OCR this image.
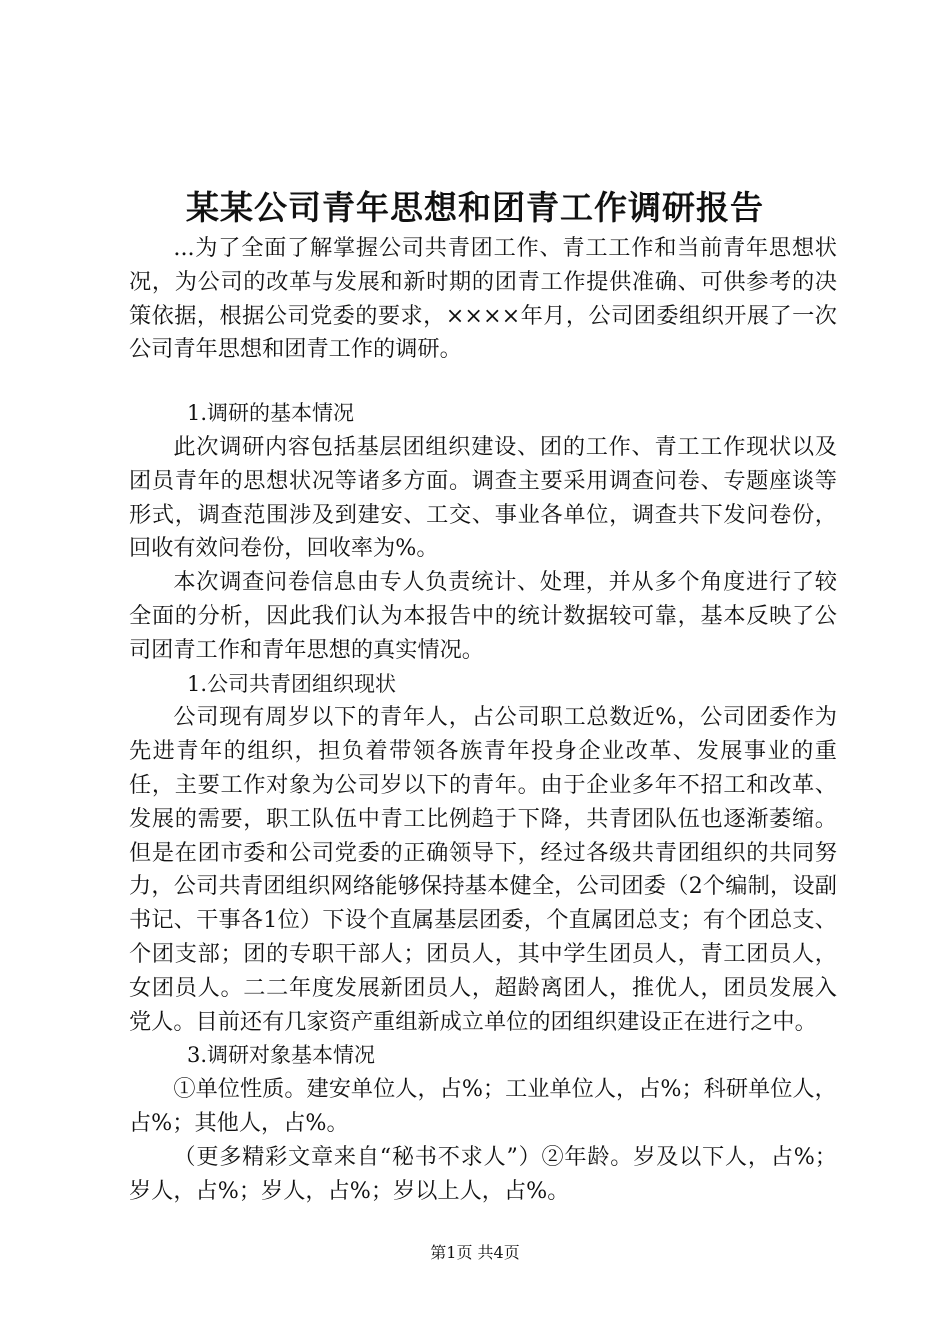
某某公司青年思想和团青工作调研报告

...为了全面了解掌握公司共青团工作、青工工作和当前青年思想状况，为公司的改革与发展和新时期的团青工作提供准确、可供参考的决策依据，根据公司党委的要求，××××年月，公司团委组织开展了一次公司青年思想和团青工作的调研。

1.调研的基本情况

此次调研内容包括基层团组织建设、团的工作、青工工作现状以及团员青年的思想状况等诸多方面。调查主要采用调查问卷、专题座谈等形式，调查范围涉及到建安、工交、事业各单位，调查共下发问卷份，回收有效问卷份，回收率为%。

本次调查问卷信息由专人负责统计、处理，并从多个角度进行了较全面的分析，因此我们认为本报告中的统计数据较可靠，基本反映了公司团青工作和青年思想的真实情况。

1.公司共青团组织现状

公司现有周岁以下的青年人，占公司职工总数近%，公司团委作为先进青年的组织，担负着带领各族青年投身企业改革、发展事业的重任，主要工作对象为公司岁以下的青年。由于企业多年不招工和改革、发展的需要，职工队伍中青工比例趋于下降，共青团队伍也逐渐萎缩。但是在团市委和公司党委的正确领导下，经过各级共青团组织的共同努力，公司共青团组织网络能够保持基本健全，公司团委（2个编制，设副书记、干事各1位）下设个直属基层团委，个直属团总支；有个团总支、个团支部；团的专职干部人；团员人，其中学生团员人，青工团员人，女团员人。二二年度发展新团员人，超龄离团人，推优人，团员发展入党人。目前还有几家资产重组新成立单位的团组织建设正在进行之中。

3.调研对象基本情况

①单位性质。建安单位人，占%；工业单位人，占%；科研单位人，占%；其他人，占%。

（更多精彩文章来自“秘书不求人”）②年龄。岁及以下人，占%；岁人，占%；岁人，占%；岁以上人，占%。

第1页 共4页
